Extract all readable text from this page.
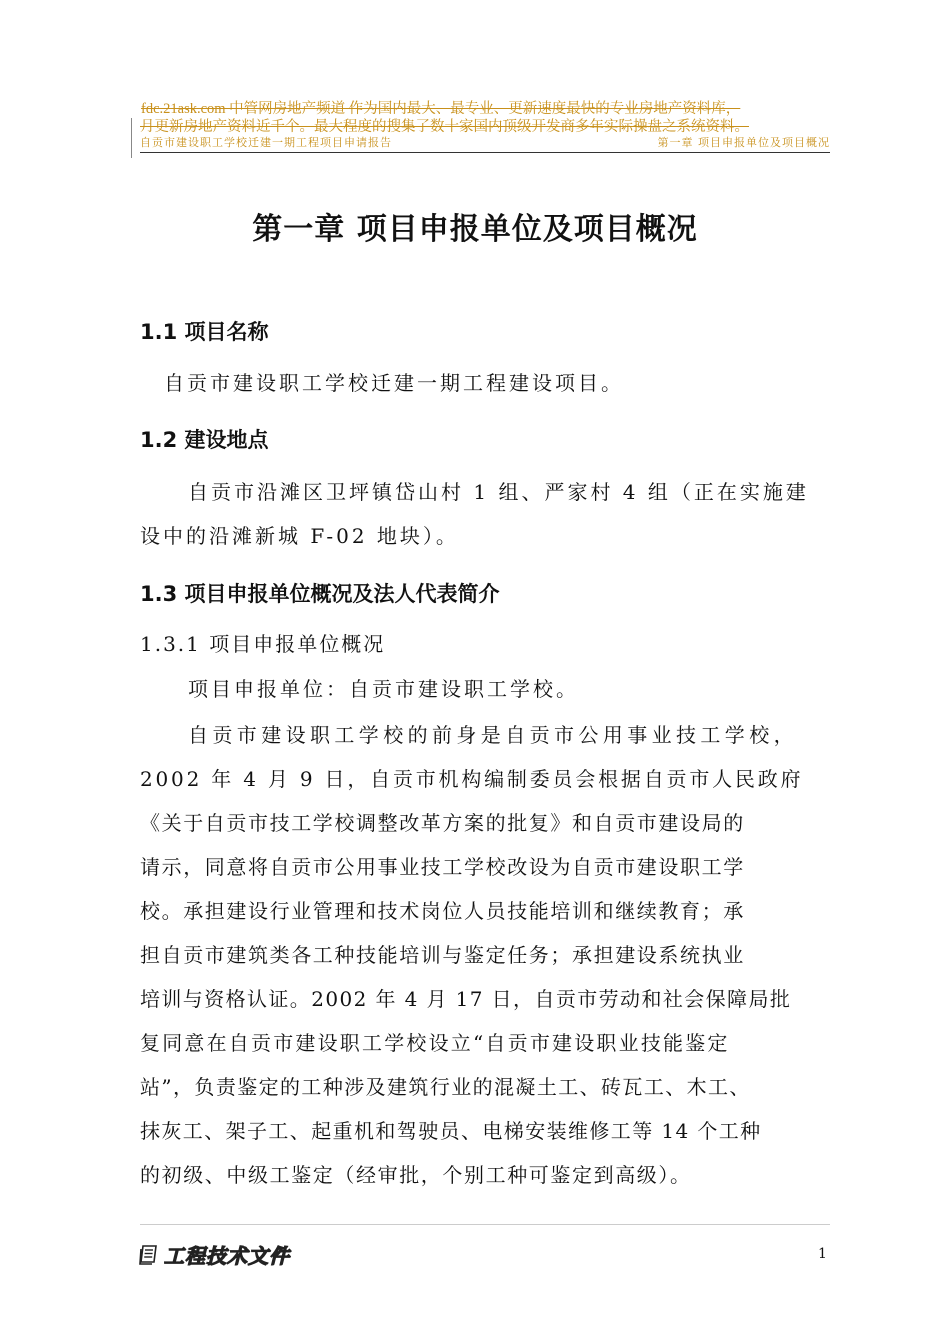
fdc.21ask.com 中管网房地产频道 作为国内最大、最专业、更新速度最快的专业房地产资料库，
月更新房地产资料近千个。最大程度的搜集了数十家国内顶级开发商多年实际操盘之系统资料。
自贡市建设职工学校迁建一期工程项目申请报告	第一章 项目申报单位及项目概况
第一章 项目申报单位及项目概况
1.1 项目名称
自贡市建设职工学校迁建一期工程建设项目。
1.2 建设地点
自贡市沿滩区卫坪镇岱山村 1 组、严家村 4 组（正在实施建
设中的沿滩新城 F-02 地块）。
1.3 项目申报单位概况及法人代表简介
1.3.1 项目申报单位概况
项目申报单位：自贡市建设职工学校。
自贡市建设职工学校的前身是自贡市公用事业技工学校，
2002 年 4 月 9 日，自贡市机构编制委员会根据自贡市人民政府
《关于自贡市技工学校调整改革方案的批复》和自贡市建设局的
请示，同意将自贡市公用事业技工学校改设为自贡市建设职工学
校。承担建设行业管理和技术岗位人员技能培训和继续教育；承
担自贡市建筑类各工种技能培训与鉴定任务；承担建设系统执业
培训与资格认证。2002 年 4 月 17 日，自贡市劳动和社会保障局批
复同意在自贡市建设职工学校设立“自贡市建设职业技能鉴定
站”，负责鉴定的工种涉及建筑行业的混凝土工、砖瓦工、木工、
抹灰工、架子工、起重机和驾驶员、电梯安装维修工等 14 个工种
的初级、中级工鉴定（经审批，个别工种可鉴定到高级）。
工程技术文件	1
